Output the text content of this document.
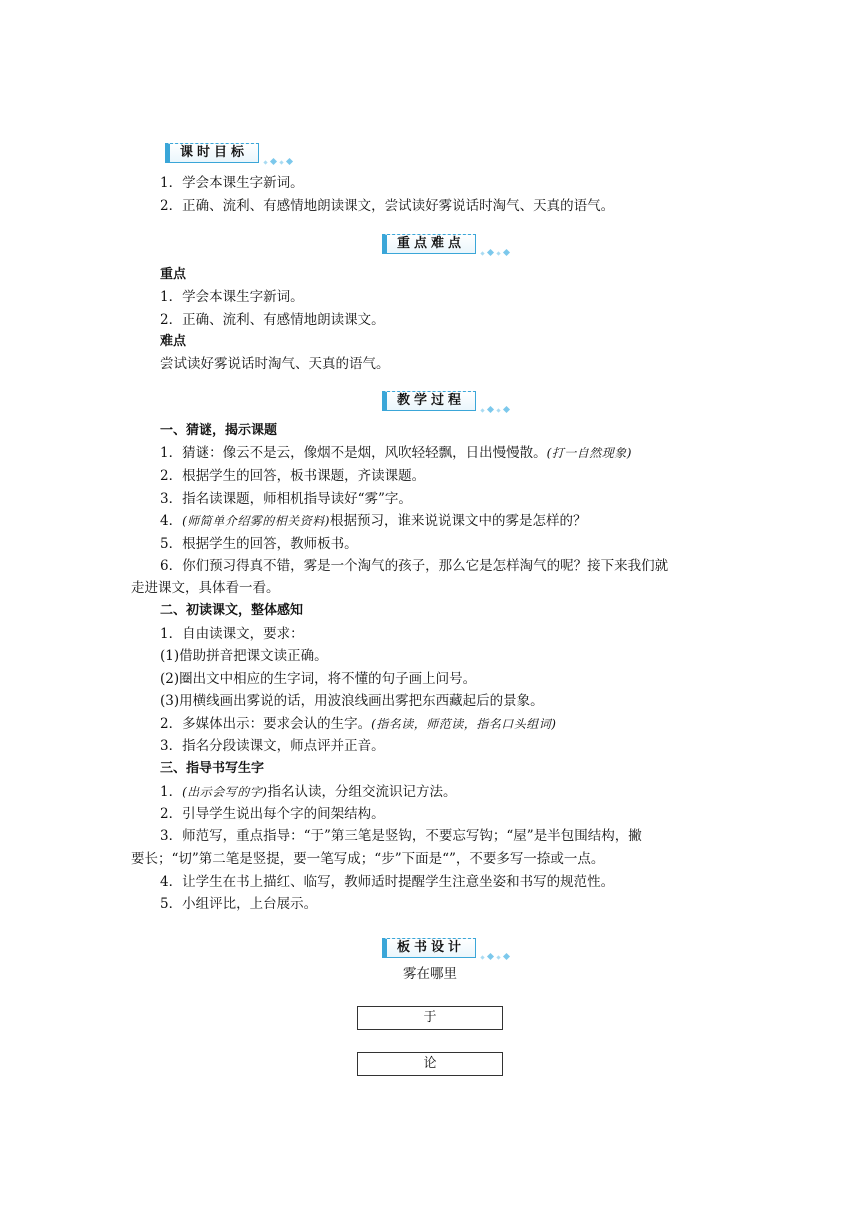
课时目标
1．学会本课生字新词。
2．正确、流利、有感情地朗读课文，尝试读好雾说话时淘气、天真的语气。
重点难点
重点
1．学会本课生字新词。
2．正确、流利、有感情地朗读课文。
难点
尝试读好雾说话时淘气、天真的语气。
教学过程
一、猜谜，揭示课题
1．猜谜：像云不是云，像烟不是烟，风吹轻轻飘，日出慢慢散。(打一自然现象)
2．根据学生的回答，板书课题，齐读课题。
3．指名读课题，师相机指导读好“雾”字。
4．(师简单介绍雾的相关资料)根据预习，谁来说说课文中的雾是怎样的？
5．根据学生的回答，教师板书。
6．你们预习得真不错，雾是一个淘气的孩子，那么它是怎样淘气的呢？接下来我们就
走进课文，具体看一看。
二、初读课文，整体感知
1．自由读课文，要求：
(1)借助拼音把课文读正确。
(2)圈出文中相应的生字词，将不懂的句子画上问号。
(3)用横线画出雾说的话，用波浪线画出雾把东西藏起后的景象。
2．多媒体出示：要求会认的生字。(指名读，师范读，指名口头组词)
3．指名分段读课文，师点评并正音。
三、指导书写生字
1．(出示会写的字)指名认读，分组交流识记方法。
2．引导学生说出每个字的间架结构。
3．师范写，重点指导：“于”第三笔是竖钩，不要忘写钩；“屋”是半包围结构，撇
要长；“切”第二笔是竖提，要一笔写成；“步”下面是“”，不要多写一捺或一点。
4．让学生在书上描红、临写，教师适时提醒学生注意坐姿和书写的规范性。
5．小组评比，上台展示。
板书设计
雾在哪里
于
论
